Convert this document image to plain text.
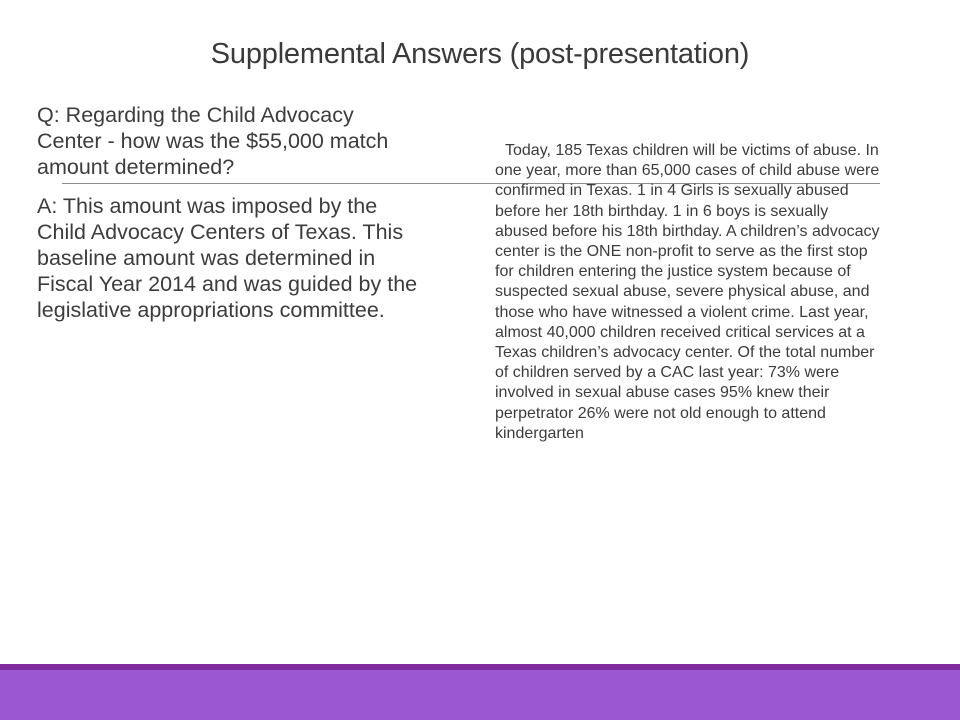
Supplemental Answers (post-presentation)

Q: Regarding the Child Advocacy Center - how was the $55,000 match amount determined?

A: This amount was imposed by the Child Advocacy Centers of Texas. This baseline amount was determined in Fiscal Year 2014 and was guided by the legislative appropriations committee.

Today, 185 Texas children will be victims of abuse. In one year, more than 65,000 cases of child abuse were confirmed in Texas. 1 in 4 Girls is sexually abused before her 18th birthday. 1 in 6 boys is sexually abused before his 18th birthday. A children’s advocacy center is the ONE non-profit to serve as the first stop for children entering the justice system because of suspected sexual abuse, severe physical abuse, and those who have witnessed a violent crime. Last year, almost 40,000 children received critical services at a Texas children’s advocacy center. Of the total number of children served by a CAC last year: 73% were involved in sexual abuse cases 95% knew their perpetrator 26% were not old enough to attend kindergarten
